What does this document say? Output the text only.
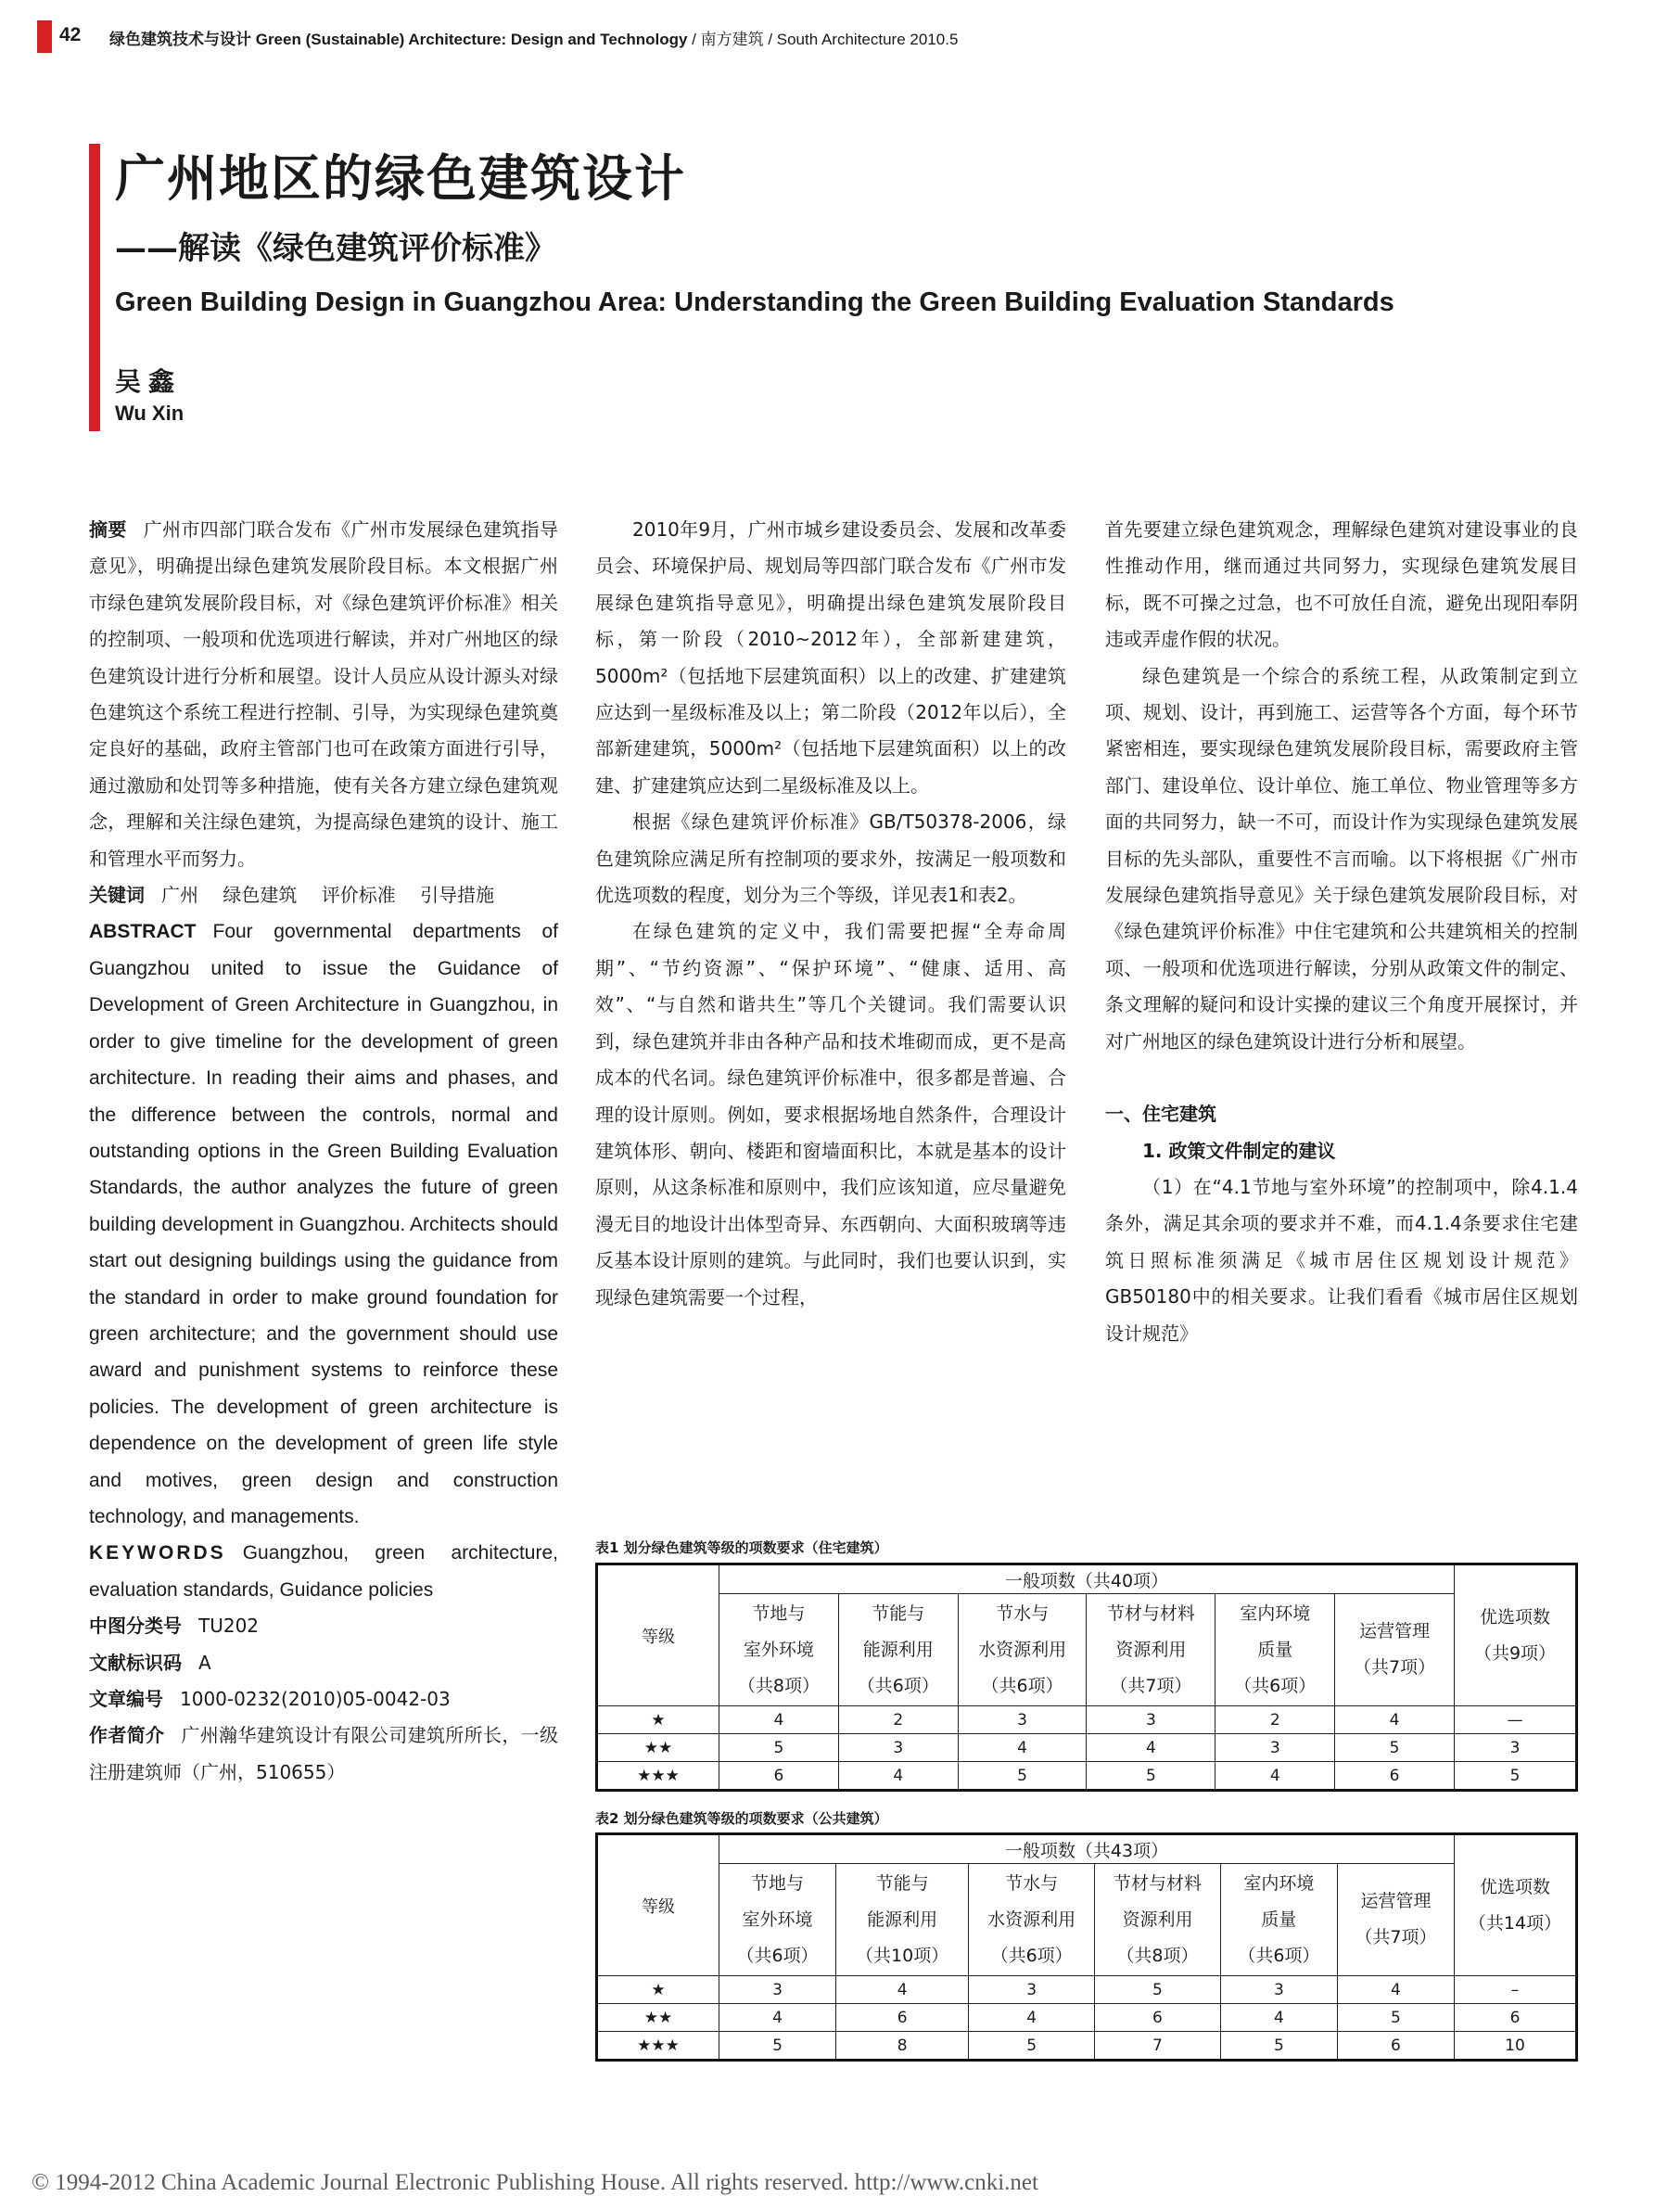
42 绿色建筑技术与设计 Green (Sustainable) Architecture: Design and Technology / 南方建筑 / South Architecture 2010.5
广州地区的绿色建筑设计
——解读《绿色建筑评价标准》
Green Building Design in Guangzhou Area: Understanding the Green Building Evaluation Standards
吴鑫
Wu Xin

摘要 广州市四部门联合发布《广州市发展绿色建筑指导意见》，明确提出绿色建筑发展阶段目标。本文根据广州市绿色建筑发展阶段目标，对《绿色建筑评价标准》相关的控制项、一般项和优选项进行解读，并对广州地区的绿色建筑设计进行分析和展望。设计人员应从设计源头对绿色建筑这个系统工程进行控制、引导，为实现绿色建筑奠定良好的基础，政府主管部门也可在政策方面进行引导，通过激励和处罚等多种措施，使有关各方建立绿色建筑观念，理解和关注绿色建筑，为提高绿色建筑的设计、施工和管理水平而努力。

关键词 广州　 绿色建筑　 评价标准　 引导措施

ABSTRACT Four governmental departments of Guangzhou united to issue the Guidance of Development of Green Architecture in Guangzhou, in order to give timeline for the development of green architecture. In reading their aims and phases, and the difference between the controls, normal and outstanding options in the Green Building Evaluation Standards, the author analyzes the future of green building development in Guangzhou. Architects should start out designing buildings using the guidance from the standard in order to make ground foundation for green architecture; and the government should use award and punishment systems to reinforce these policies. The development of green architecture is dependence on the development of green life style and motives, green design and construction technology, and managements.

KEYWORDS Guangzhou, green architecture, evaluation standards, Guidance policies

中图分类号 TU202

文献标识码 A

文章编号 1000-0232(2010)05-0042-03

作者简介 广州瀚华建筑设计有限公司建筑所所长，一级注册建筑师（广州，510655）

2010年9月，广州市城乡建设委员会、发展和改革委员会、环境保护局、规划局等四部门联合发布《广州市发展绿色建筑指导意见》，明确提出绿色建筑发展阶段目标，第一阶段（2010~2012年），全部新建建筑，5000m²（包括地下层建筑面积）以上的改建、扩建建筑应达到一星级标准及以上；第二阶段（2012年以后），全部新建建筑，5000m²（包括地下层建筑面积）以上的改建、扩建建筑应达到二星级标准及以上。

根据《绿色建筑评价标准》GB/T50378-2006，绿色建筑除应满足所有控制项的要求外，按满足一般项数和优选项数的程度，划分为三个等级，详见表1和表2。

在绿色建筑的定义中，我们需要把握“全寿命周期”、“节约资源”、“保护环境”、“健康、适用、高效”、“与自然和谐共生”等几个关键词。我们需要认识到，绿色建筑并非由各种产品和技术堆砌而成，更不是高成本的代名词。绿色建筑评价标准中，很多都是普遍、合理的设计原则。例如，要求根据场地自然条件，合理设计建筑体形、朝向、楼距和窗墙面积比，本就是基本的设计原则，从这条标准和原则中，我们应该知道，应尽量避免漫无目的地设计出体型奇异、东西朝向、大面积玻璃等违反基本设计原则的建筑。与此同时，我们也要认识到，实现绿色建筑需要一个过程，

首先要建立绿色建筑观念，理解绿色建筑对建设事业的良性推动作用，继而通过共同努力，实现绿色建筑发展目标，既不可操之过急，也不可放任自流，避免出现阳奉阴违或弄虚作假的状况。

绿色建筑是一个综合的系统工程，从政策制定到立项、规划、设计，再到施工、运营等各个方面，每个环节紧密相连，要实现绿色建筑发展阶段目标，需要政府主管部门、建设单位、设计单位、施工单位、物业管理等多方面的共同努力，缺一不可，而设计作为实现绿色建筑发展目标的先头部队，重要性不言而喻。以下将根据《广州市发展绿色建筑指导意见》关于绿色建筑发展阶段目标，对《绿色建筑评价标准》中住宅建筑和公共建筑相关的控制项、一般项和优选项进行解读，分别从政策文件的制定、条文理解的疑问和设计实操的建议三个角度开展探讨，并对广州地区的绿色建筑设计进行分析和展望。

一、住宅建筑

1. 政策文件制定的建议

（1）在“4.1节地与室外环境”的控制项中，除4.1.4条外，满足其余项的要求并不难，而4.1.4条要求住宅建筑日照标准须满足《城市居住区规划设计规范》GB50180中的相关要求。让我们看看《城市居住区规划设计规范》

表1 划分绿色建筑等级的项数要求（住宅建筑）
等级	一般项数（共40项）						优选项数
（共9项）
	节地与
室外环境
（共8项）	节能与
能源利用
（共6项）	节水与
水资源利用
（共6项）	节材与材料
资源利用
（共7项）	室内环境
质量
（共6项）	运营管理
（共7项）	
★	4	2	3	3	2	4	—
★★	5	3	4	4	3	5	3
★★★	6	4	5	5	4	6	5
表2 划分绿色建筑等级的项数要求（公共建筑）
等级	一般项数（共43项）						优选项数
（共14项）
	节地与
室外环境
（共6项）	节能与
能源利用
（共10项）	节水与
水资源利用
（共6项）	节材与材料
资源利用
（共8项）	室内环境
质量
（共6项）	运营管理
（共7项）	
★	3	4	3	5	3	4	–
★★	4	6	4	6	4	5	6
★★★	5	8	5	7	5	6	10
© 1994-2012 China Academic Journal Electronic Publishing House. All rights reserved. http://www.cnki.net
